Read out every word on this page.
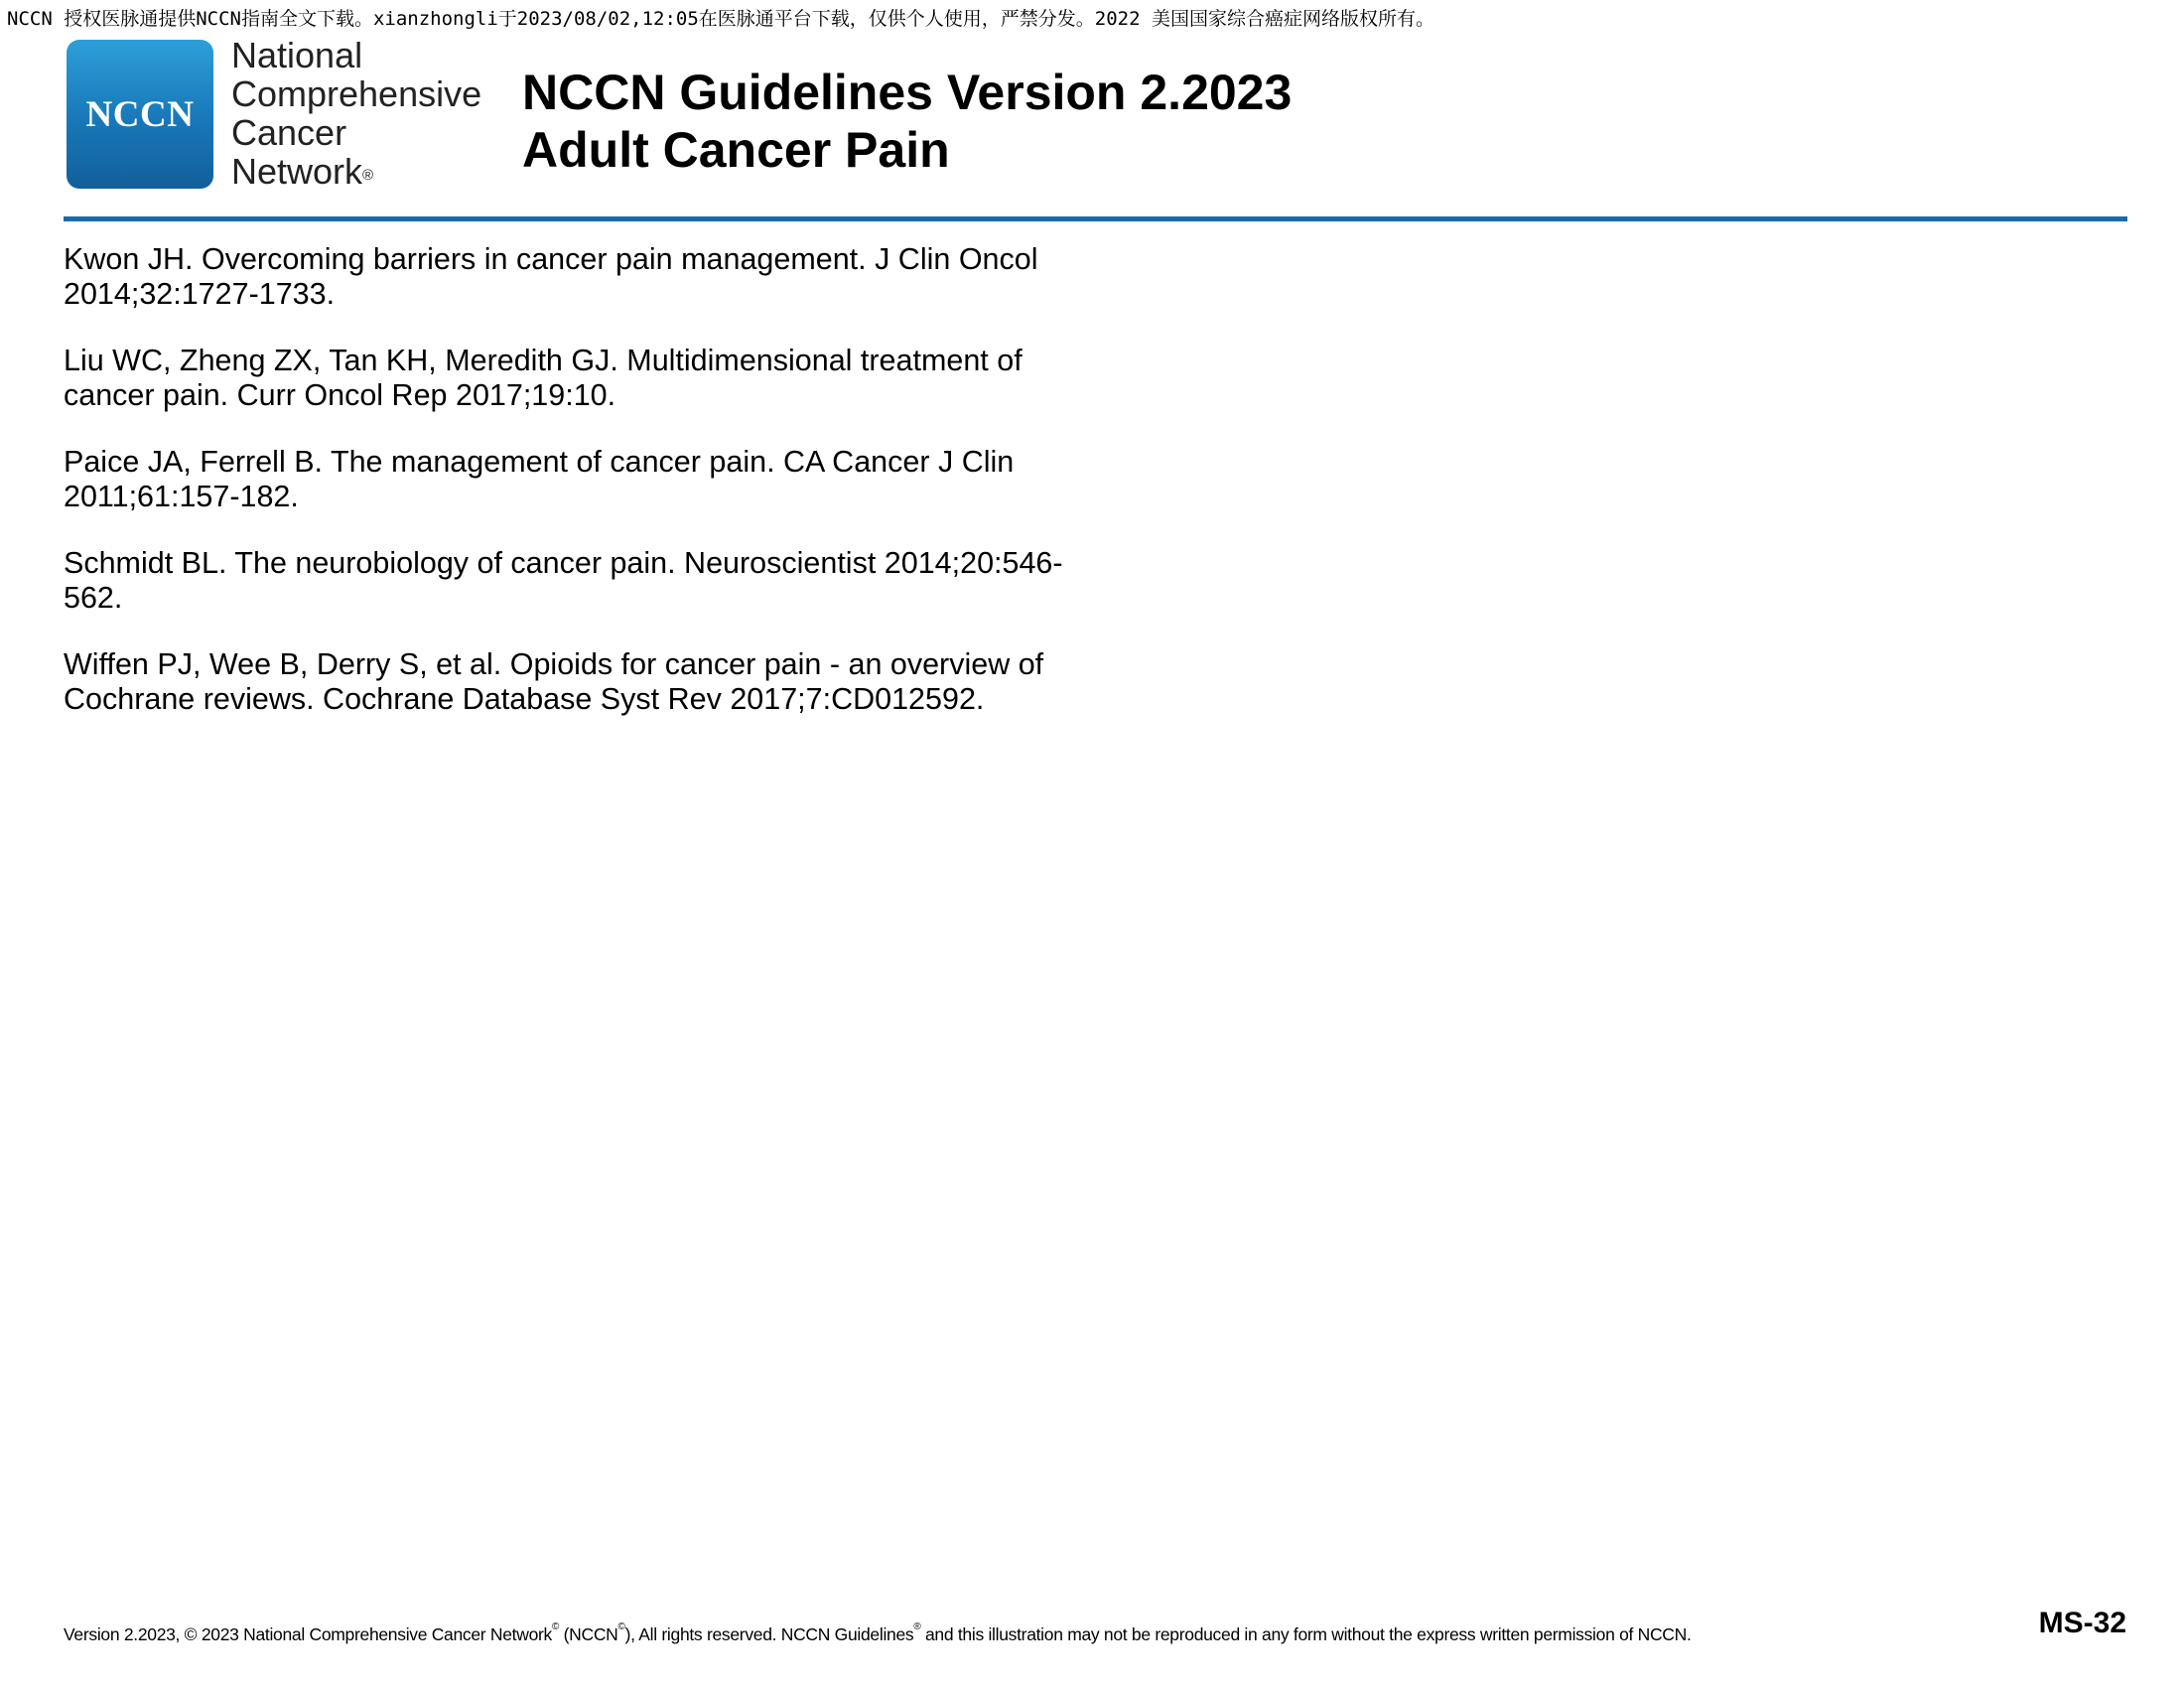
NCCN 授权医脉通提供NCCN指南全文下载。xianzhongli于2023/08/02,12:05在医脉通平台下载，仅供个人使用，严禁分发。2022 美国国家综合癌症网络版权所有。
NCCN
National
Comprehensive
Cancer
Network®
NCCN Guidelines Version 2.2023
Adult Cancer Pain

Kwon JH. Overcoming barriers in cancer pain management. J Clin Oncol
2014;32:1727-1733.

Liu WC, Zheng ZX, Tan KH, Meredith GJ. Multidimensional treatment of
cancer pain. Curr Oncol Rep 2017;19:10.

Paice JA, Ferrell B. The management of cancer pain. CA Cancer J Clin
2011;61:157-182.

Schmidt BL. The neurobiology of cancer pain. Neuroscientist 2014;20:546-
562.

Wiffen PJ, Wee B, Derry S, et al. Opioids for cancer pain - an overview of
Cochrane reviews. Cochrane Database Syst Rev 2017;7:CD012592.

Version 2.2023, © 2023 National Comprehensive Cancer Network© (NCCN©), All rights reserved. NCCN Guidelines® and this illustration may not be reproduced in any form without the express written permission of NCCN.	MS-32
